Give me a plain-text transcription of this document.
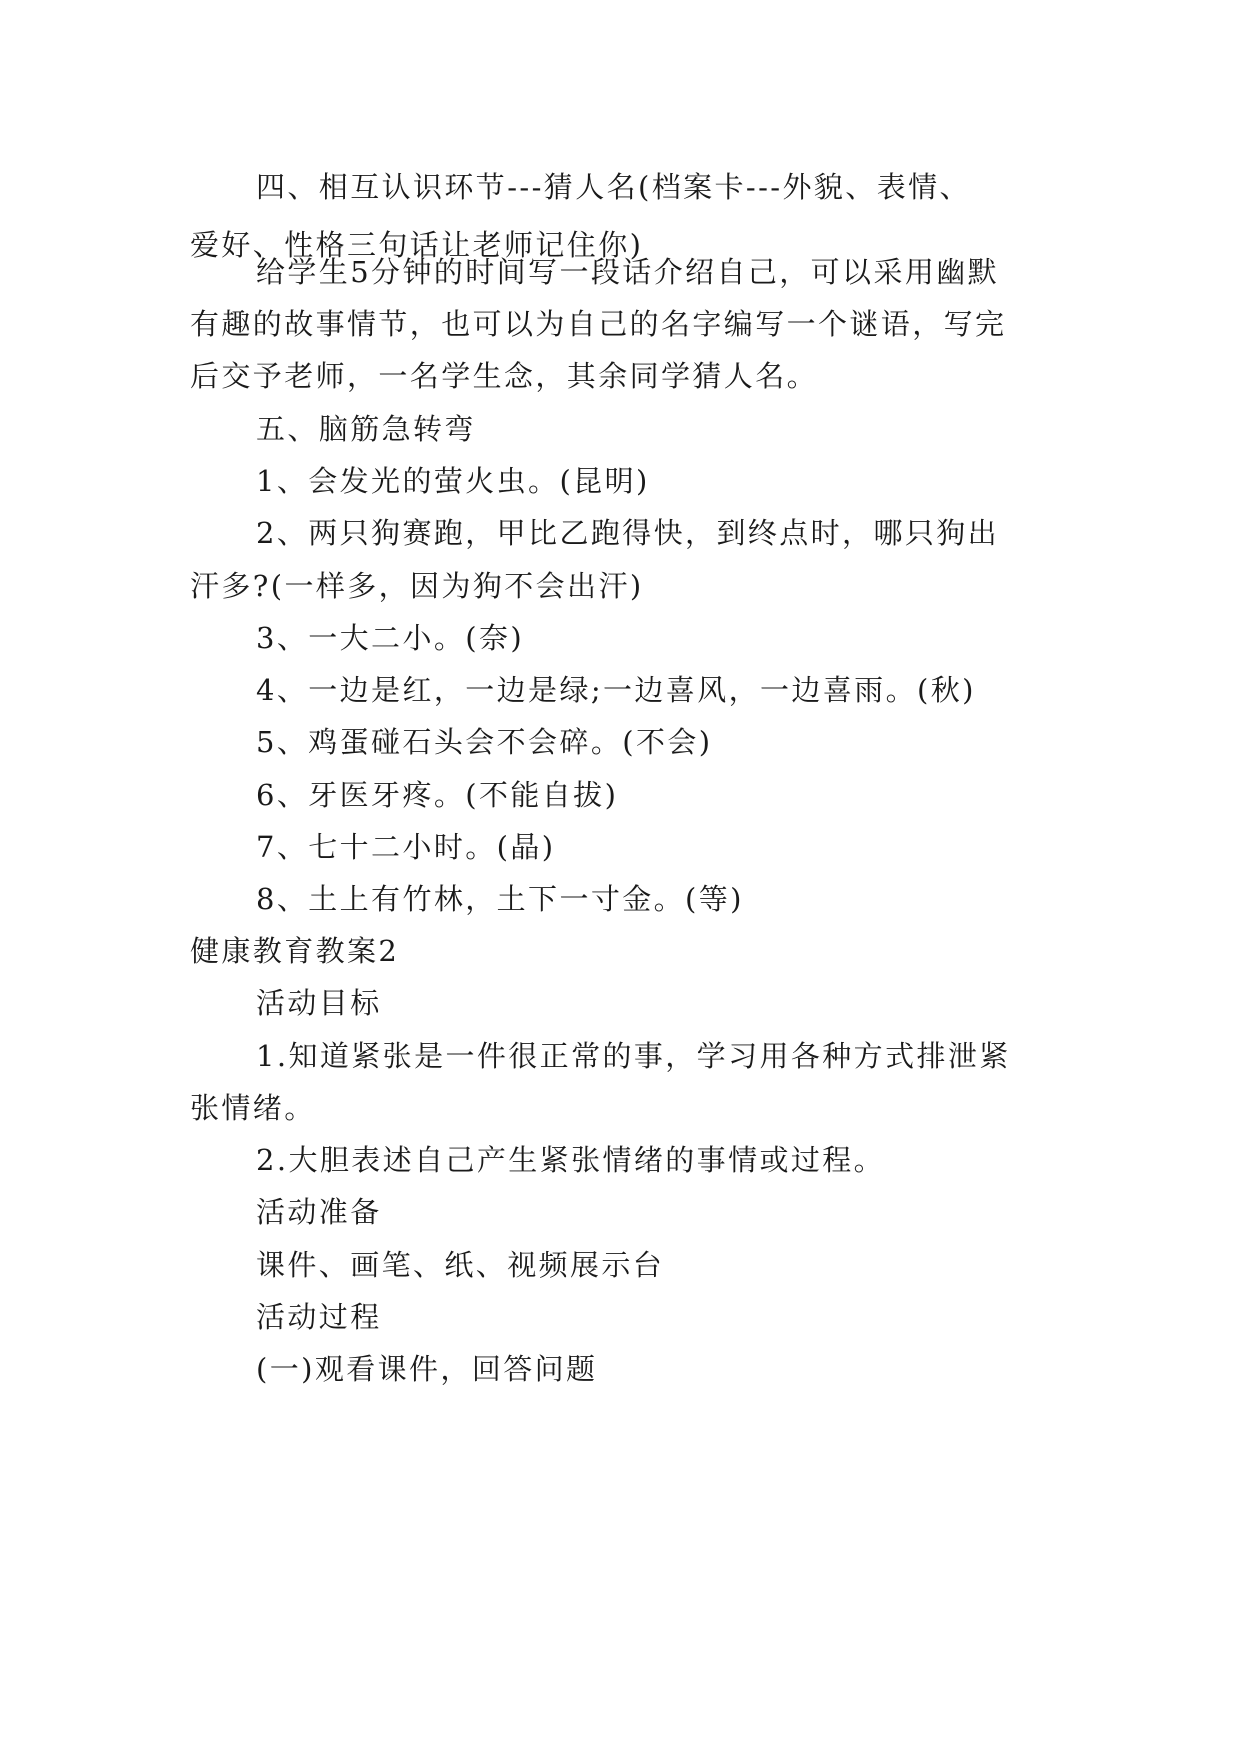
四、相互认识环节---猜人名(档案卡---外貌、表情、
爱好、性格三句话让老师记住你)
给学生5分钟的时间写一段话介绍自己，可以采用幽默
有趣的故事情节，也可以为自己的名字编写一个谜语，写完
后交予老师，一名学生念，其余同学猜人名。
五、脑筋急转弯
1、会发光的萤火虫。(昆明)
2、两只狗赛跑，甲比乙跑得快，到终点时，哪只狗出
汗多?(一样多，因为狗不会出汗)
3、一大二小。(奈)
4、一边是红，一边是绿;一边喜风，一边喜雨。(秋)
5、鸡蛋碰石头会不会碎。(不会)
6、牙医牙疼。(不能自拔)
7、七十二小时。(晶)
8、土上有竹林，土下一寸金。(等)
健康教育教案2
活动目标
1.知道紧张是一件很正常的事，学习用各种方式排泄紧
张情绪。
2.大胆表述自己产生紧张情绪的事情或过程。
活动准备
课件、画笔、纸、视频展示台
活动过程
(一)观看课件，回答问题
